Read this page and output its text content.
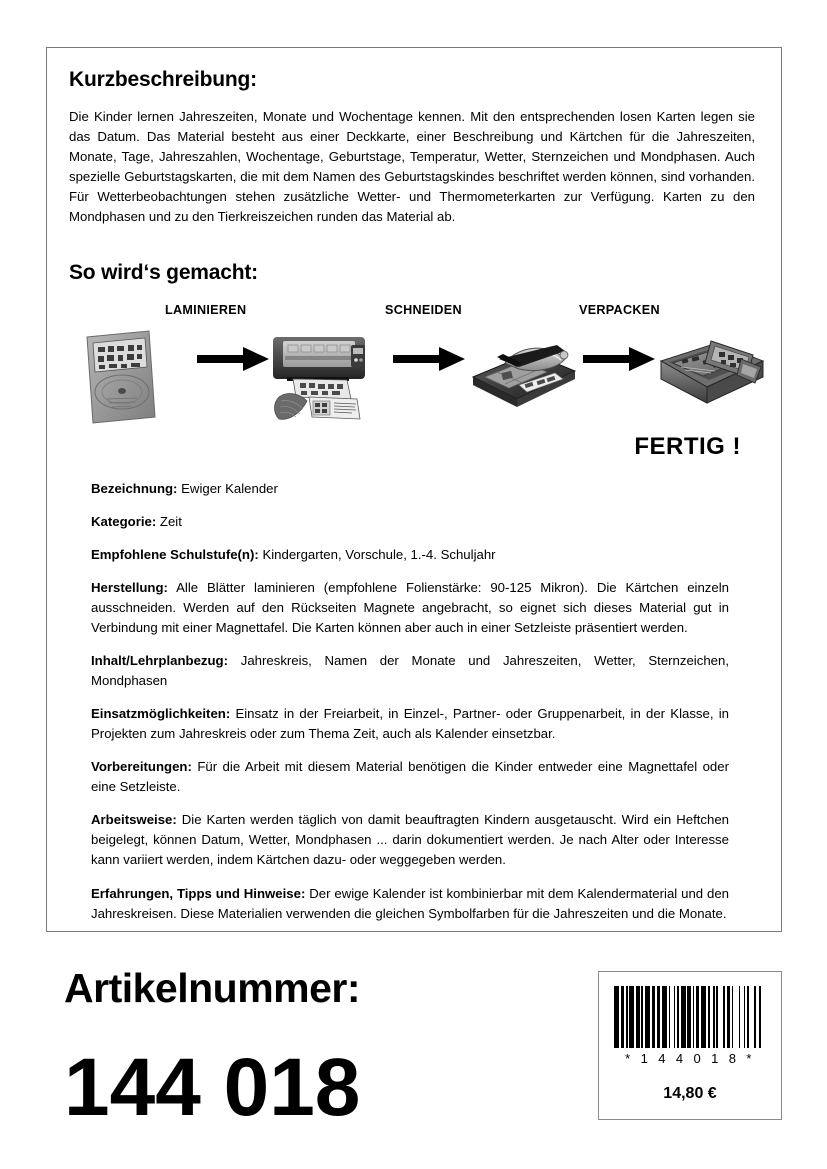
Kurzbeschreibung:

Die Kinder lernen Jahreszeiten, Monate und Wochentage kennen. Mit den entsprechenden losen Karten legen sie das Datum. Das Material besteht aus einer Deckkarte, einer Beschreibung und Kärtchen für die Jahreszeiten, Monate, Tage, Jahreszahlen, Wochentage, Geburtstage, Temperatur, Wetter, Sternzeichen und Mondphasen. Auch spezielle Geburtstagskarten, die mit dem Namen des Geburtstagskindes beschriftet werden können, sind vorhanden. Für Wetterbeobachtungen stehen zusätzliche Wetter- und Thermometerkarten zur Verfügung. Karten zu den Mondphasen und zu den Tierkreiszeichen runden das Material ab.

So wird‘s gemacht:
LAMINIEREN	SCHNEIDEN	VERPACKEN
FERTIG !

Bezeichnung: Ewiger Kalender

Kategorie: Zeit

Empfohlene Schulstufe(n): Kindergarten, Vorschule, 1.-4. Schuljahr

Herstellung: Alle Blätter laminieren (empfohlene Folienstärke: 90-125 Mikron). Die Kärtchen einzeln ausschneiden. Werden auf den Rückseiten Magnete angebracht, so eignet sich dieses Material gut in Verbindung mit einer Magnettafel. Die Karten können aber auch in einer Setzleiste präsentiert werden.

Inhalt/Lehrplanbezug: Jahreskreis, Namen der Monate und Jahreszeiten, Wetter, Sternzeichen, Mondphasen

Einsatzmöglichkeiten: Einsatz in der Freiarbeit, in Einzel-, Partner- oder Gruppenarbeit, in der Klasse, in Projekten zum Jahreskreis oder zum Thema Zeit, auch als Kalender einsetzbar.

Vorbereitungen: Für die Arbeit mit diesem Material benötigen die Kinder entweder eine Magnettafel oder eine Setzleiste.

Arbeitsweise: Die Karten werden täglich von damit beauftragten Kindern ausgetauscht. Wird ein Heftchen beigelegt, können Datum, Wetter, Mondphasen ... darin dokumentiert werden. Je nach Alter oder Interesse kann variiert werden, indem Kärtchen dazu- oder weggegeben werden.

Erfahrungen, Tipps und Hinweise: Der ewige Kalender ist kombinierbar mit dem Kalendermaterial und den Jahreskreisen. Diese Materialien verwenden die gleichen Symbolfarben für die Jahreszeiten und die Monate.

Artikelnummer:
144 018	* 1 4 4 0 1 8 *
14,80 €
